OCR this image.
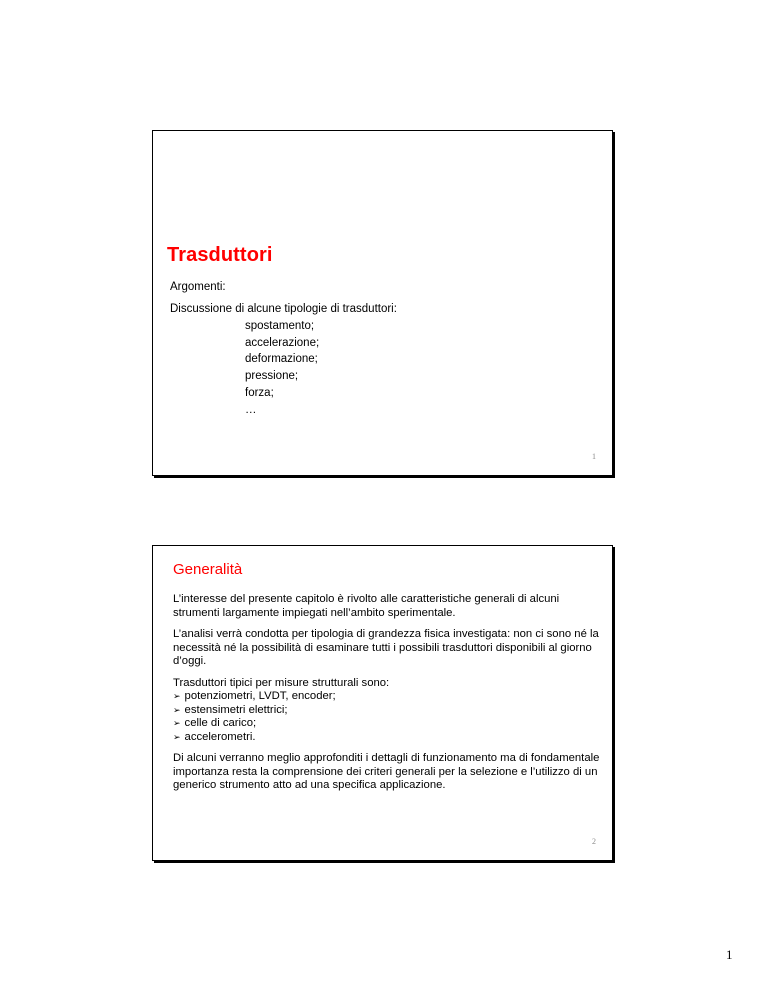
Trasduttori

Argomenti:

Discussione di alcune tipologie di trasduttori:

spostamento;
accelerazione;
deformazione;
pressione;
forza;
…
1
Generalità

L’interesse del presente capitolo è rivolto alle caratteristiche generali di alcuni strumenti largamente impiegati nell’ambito sperimentale.

L’analisi verrà condotta per tipologia di grandezza fisica investigata: non ci sono né la necessità né la possibilità di esaminare tutti i possibili trasduttori disponibili al giorno d’oggi.

Trasduttori tipici per misure strutturali sono:
➢ potenziometri, LVDT, encoder;
➢ estensimetri elettrici;
➢ celle di carico;
➢ accelerometri.

Di alcuni verranno meglio approfonditi i dettagli di funzionamento ma di fondamentale importanza resta la comprensione dei criteri generali per la selezione e l’utilizzo di un generico strumento atto ad una specifica applicazione.

2
1
